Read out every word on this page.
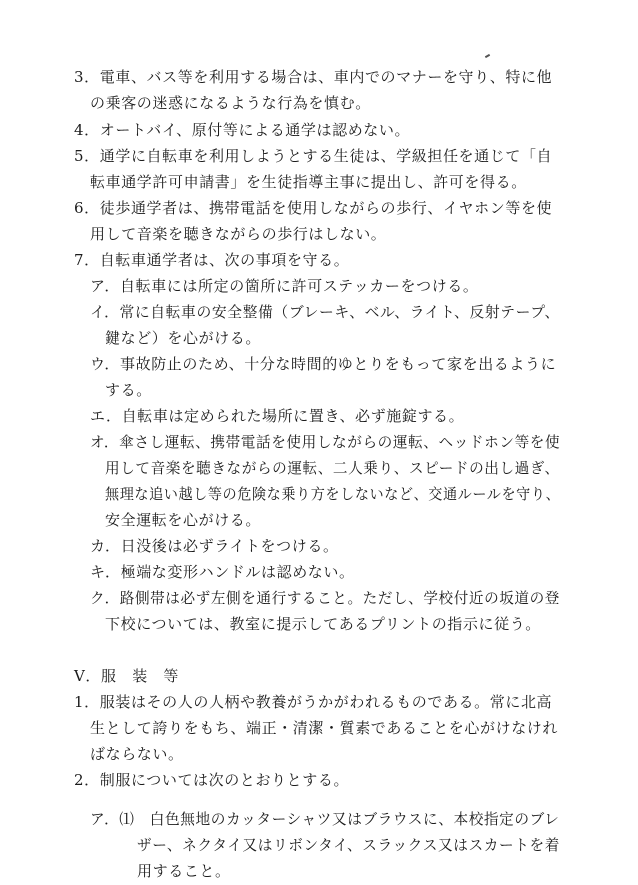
3．電車、バス等を利用する場合は、車内でのマナーを守り、特に他
の乗客の迷惑になるような行為を慎む。
4．オートバイ、原付等による通学は認めない。
5．通学に自転車を利用しようとする生徒は、学級担任を通じて「自
転車通学許可申請書」を生徒指導主事に提出し、許可を得る。
6．徒歩通学者は、携帯電話を使用しながらの歩行、イヤホン等を使
用して音楽を聴きながらの歩行はしない。
7．自転車通学者は、次の事項を守る。
ア．自転車には所定の箇所に許可ステッカーをつける。
イ．常に自転車の安全整備（ブレーキ、ベル、ライト、反射テープ、
鍵など）を心がける。
ウ．事故防止のため、十分な時間的ゆとりをもって家を出るように
する。
エ．自転車は定められた場所に置き、必ず施錠する。
オ．傘さし運転、携帯電話を使用しながらの運転、ヘッドホン等を使
用して音楽を聴きながらの運転、二人乗り、スピードの出し過ぎ、
無理な追い越し等の危険な乗り方をしないなど、交通ルールを守り、
安全運転を心がける。
カ．日没後は必ずライトをつける。
キ．極端な変形ハンドルは認めない。
ク．路側帯は必ず左側を通行すること。ただし、学校付近の坂道の登
下校については、教室に提示してあるプリントの指示に従う。
Ⅴ．服　装　等
1．服装はその人の人柄や教養がうかがわれるものである。常に北高
生として誇りをもち、端正・清潔・質素であることを心がけなけれ
ばならない。
2．制服については次のとおりとする。
ア．⑴　白色無地のカッターシャツ又はブラウスに、本校指定のブレ
ザー、ネクタイ又はリボンタイ、スラックス又はスカートを着
用すること。
